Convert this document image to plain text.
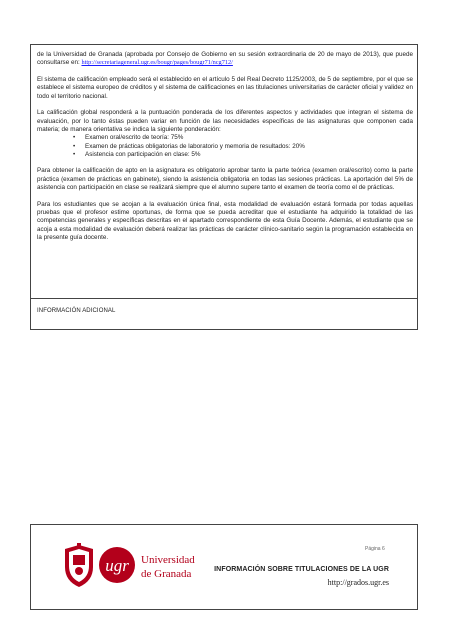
de la Universidad de Granada (aprobada por Consejo de Gobierno en su sesión extraordinaria de 20 de mayo de 2013), que puede consultarse en: http://secretariageneral.ugr.es/bougr/pages/bougr71/ncg712/

El sistema de calificación empleado será el establecido en el artículo 5 del Real Decreto 1125/2003, de 5 de septiembre, por el que se establece el sistema europeo de créditos y el sistema de calificaciones en las titulaciones universitarias de carácter oficial y validez en todo el territorio nacional.

La calificación global responderá a la puntuación ponderada de los diferentes aspectos y actividades que integran el sistema de evaluación, por lo tanto éstas pueden variar en función de las necesidades específicas de las asignaturas que componen cada materia; de manera orientativa se indica la siguiente ponderación:

• Examen oral/escrito de teoría: 75%
• Examen de prácticas obligatorias de laboratorio y memoria de resultados: 20%
• Asistencia con participación en clase: 5%

Para obtener la calificación de apto en la asignatura es obligatorio aprobar tanto la parte teórica (examen oral/escrito) como la parte práctica (examen de prácticas en gabinete), siendo la asistencia obligatoria en todas las sesiones prácticas. La aportación del 5% de asistencia con participación en clase se realizará siempre que el alumno supere tanto el examen de teoría como el de prácticas.

Para los estudiantes que se acojan a la evaluación única final, esta modalidad de evaluación estará formada por todas aquellas pruebas que el profesor estime oportunas, de forma que se pueda acreditar que el estudiante ha adquirido la totalidad de las competencias generales y específicas descritas en el apartado correspondiente de esta Guía Docente. Además, el estudiante que se acoja a esta modalidad de evaluación deberá realizar las prácticas de carácter clínico-sanitario según la programación establecida en la presente guía docente.

INFORMACIÓN ADICIONAL
ugr Universidad
de Granada
Página 6
INFORMACIÓN SOBRE TITULACIONES DE LA UGR
http://grados.ugr.es
